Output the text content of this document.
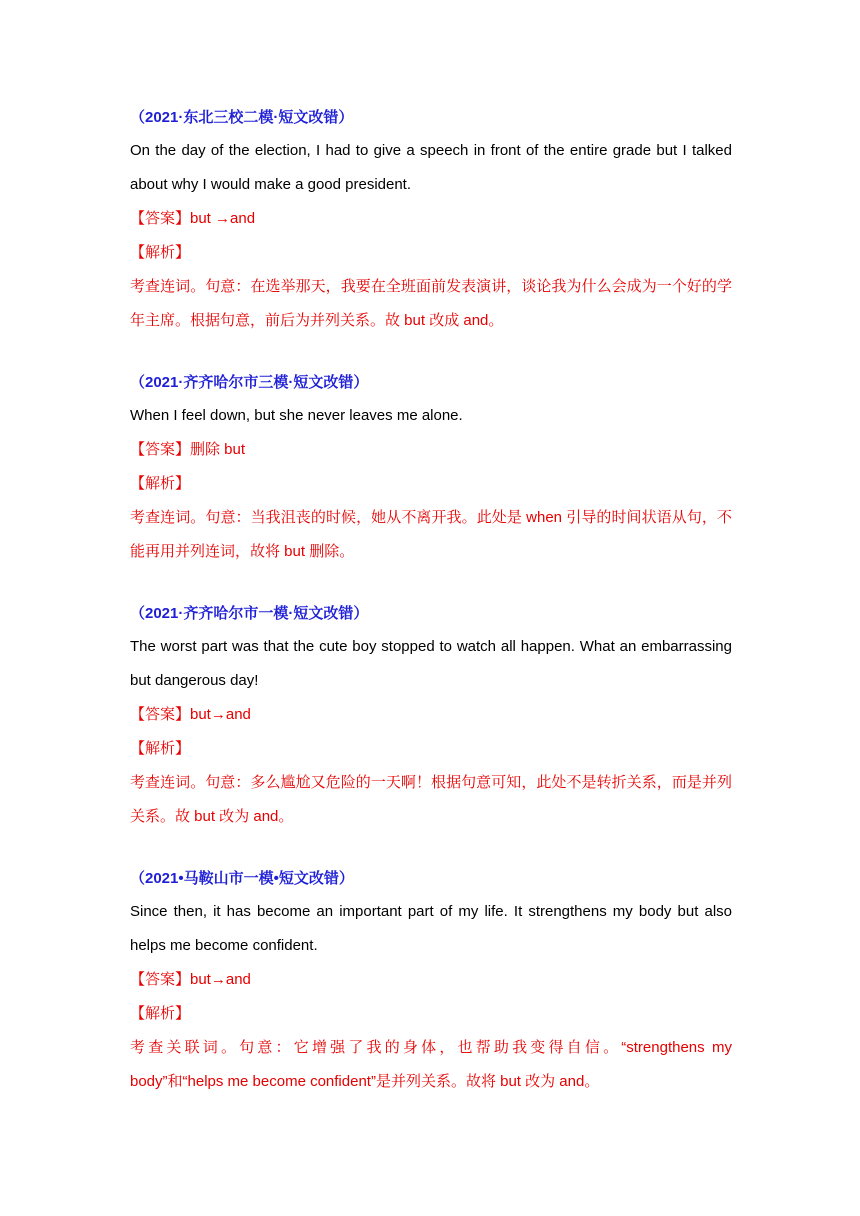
（2021·东北三校二模·短文改错）
On the day of the election, I had to give a speech in front of the entire grade but I talked about why I would make a good president.
【答案】but →and
【解析】
考查连词。句意：在选举那天，我要在全班面前发表演讲，谈论我为什么会成为一个好的学年主席。根据句意，前后为并列关系。故 but 改成 and。
（2021·齐齐哈尔市三模·短文改错）
When I feel down, but she never leaves me alone.
【答案】删除 but
【解析】
考查连词。句意：当我沮丧的时候，她从不离开我。此处是 when 引导的时间状语从句，不能再用并列连词，故将 but 删除。
（2021·齐齐哈尔市一模·短文改错）
The worst part was that the cute boy stopped to watch all happen. What an embarrassing but dangerous day!
【答案】but→and
【解析】
考查连词。句意：多么尴尬又危险的一天啊！根据句意可知，此处不是转折关系，而是并列关系。故 but 改为 and。
（2021•马鞍山市一模•短文改错）
Since then, it has become an important part of my life. It strengthens my body but also helps me become confident.
【答案】but→and
【解析】
考查关联词。句意：它增强了我的身体，也帮助我变得自信。“strengthens my body”和“helps me become confident”是并列关系。故将 but 改为 and。
